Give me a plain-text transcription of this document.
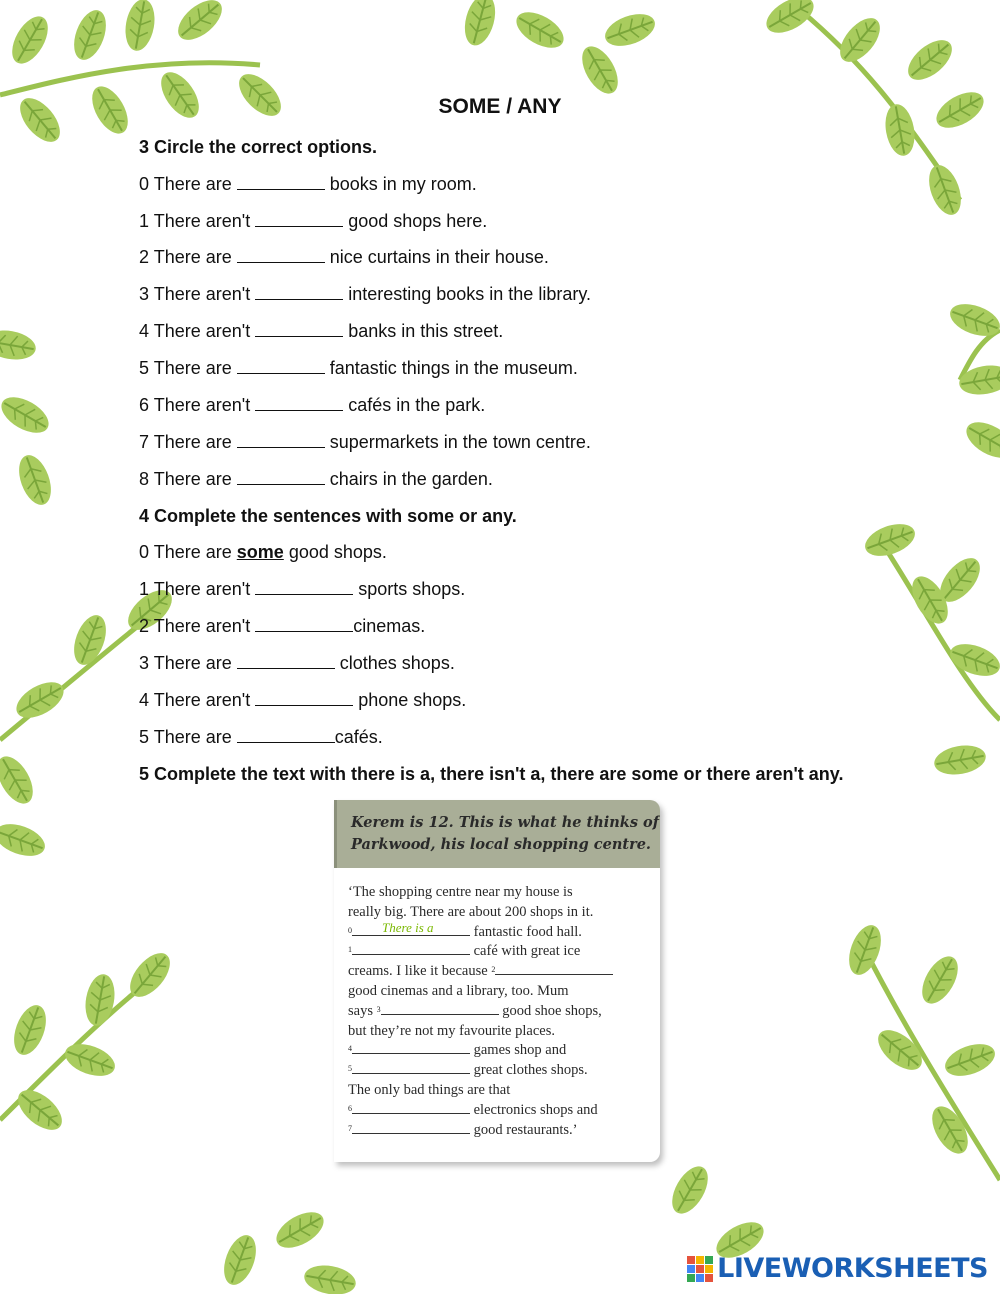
SOME / ANY
3 Circle the correct options.
0 There are	books in my room.
1 There aren't	good shops here.
2 There are	nice curtains in their house.
3 There aren't	interesting books in the library.
4 There aren't	banks in this street.
5 There are	fantastic things in the museum.
6 There aren't	cafés in the park.
7 There are	supermarkets in the town centre.
8 There are	chairs in the garden.
4 Complete the sentences with some or any.
0 There are some good shops.
1 There aren't	sports shops.
2 There aren't	cinemas.
3 There are	clothes shops.
4 There aren't	phone shops.
5 There are	cafés.
5 Complete the text with there is a, there isn't a, there are some or there aren't any.
Kerem is 12. This is what he thinks of
Parkwood, his local shopping centre.

‘The shopping centre near my house is

really big. There are about 200 shops in it.

$^0$ There is a	fantastic food hall.

$^1$	café with great ice

creams. I like it because $^2$

good cinemas and a library, too. Mum

says $^3$	good shoe shops,

but they’re not my favourite places.

$^4$	games shop and

$^5$	great clothes shops.

The only bad things are that

$^6$	electronics shops and

$^7$	good restaurants.’

LIVEWORKSHEETS
